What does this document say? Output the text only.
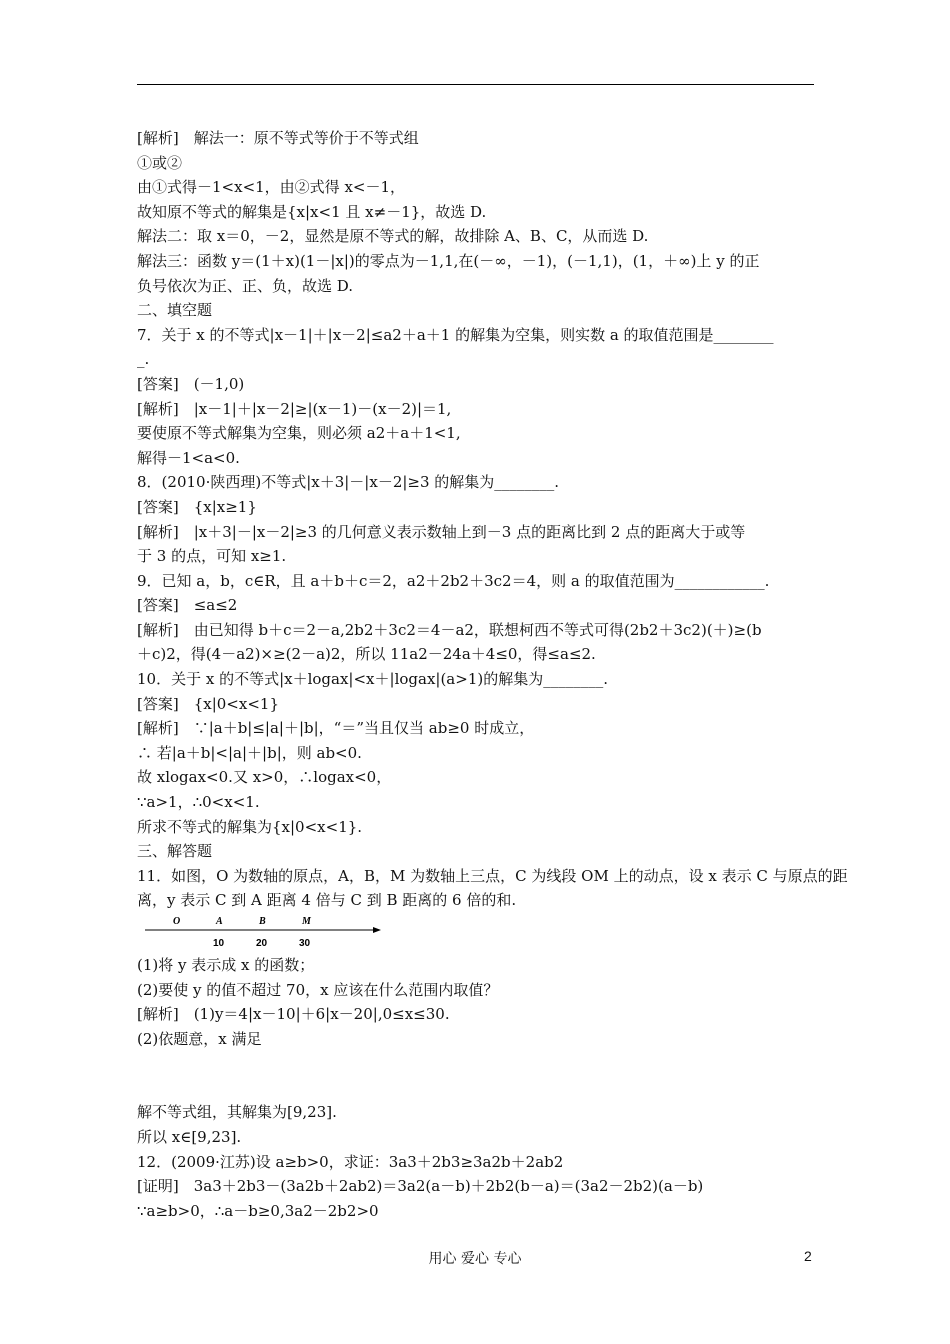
[解析]　解法一：原不等式等价于不等式组
①或②
由①式得－1<x<1，由②式得 x<－1，
故知原不等式的解集是{x|x<1 且 x≠－1}，故选 D.
解法二：取 x＝0，－2，显然是原不等式的解，故排除 A、B、C，从而选 D.
解法三：函数 y＝(1＋x)(1－|x|)的零点为－1,1,在(－∞，－1)，(－1,1)，(1，＋∞)上 y 的正
负号依次为正、正、负，故选 D.
二、填空题
7．关于 x 的不等式|x－1|＋|x－2|≤a2＋a＋1 的解集为空集，则实数 a 的取值范围是________
_.
[答案]　(－1,0)
[解析]　|x－1|＋|x－2|≥|(x－1)－(x－2)|＝1,
要使原不等式解集为空集，则必须 a2＋a＋1<1,
解得－1<a<0.
8．(2010·陕西理)不等式|x＋3|－|x－2|≥3 的解集为________.
[答案]　{x|x≥1}
[解析]　|x＋3|－|x－2|≥3 的几何意义表示数轴上到－3 点的距离比到 2 点的距离大于或等
于 3 的点，可知 x≥1.
9．已知 a，b，c∈R，且 a＋b＋c＝2，a2＋2b2＋3c2＝4，则 a 的取值范围为____________.
[答案]　≤a≤2
[解析]　由已知得 b＋c＝2－a,2b2＋3c2＝4－a2，联想柯西不等式可得(2b2＋3c2)(＋)≥(b
＋c)2，得(4－a2)×≥(2－a)2，所以 11a2－24a＋4≤0，得≤a≤2.
10．关于 x 的不等式|x＋logax|<x＋|logax|(a>1)的解集为________.
[答案]　{x|0<x<1}
[解析]　∵|a＋b|≤|a|＋|b|，“＝”当且仅当 ab≥0 时成立，
∴ 若|a＋b|<|a|＋|b|，则 ab<0.
故 xlogax<0.又 x>0，∴logax<0，
∵a>1，∴0<x<1.
所求不等式的解集为{x|0<x<1}.
三、解答题
11．如图，O 为数轴的原点，A，B，M 为数轴上三点，C 为线段 OM 上的动点，设 x 表示 C 与原点的距
离，y 表示 C 到 A 距离 4 倍与 C 到 B 距离的 6 倍的和.
O	A	B	M
10	20	30
(1)将 y 表示成 x 的函数；
(2)要使 y 的值不超过 70，x 应该在什么范围内取值？
[解析]　(1)y＝4|x－10|＋6|x－20|,0≤x≤30.
(2)依题意，x 满足
解不等式组，其解集为[9,23].
所以 x∈[9,23].
12．(2009·江苏)设 a≥b>0，求证：3a3＋2b3≥3a2b＋2ab2
[证明]　3a3＋2b3－(3a2b＋2ab2)＝3a2(a－b)＋2b2(b－a)＝(3a2－2b2)(a－b)
∵a≥b>0，∴a－b≥0,3a2－2b2>0
用心 爱心 专心	2
